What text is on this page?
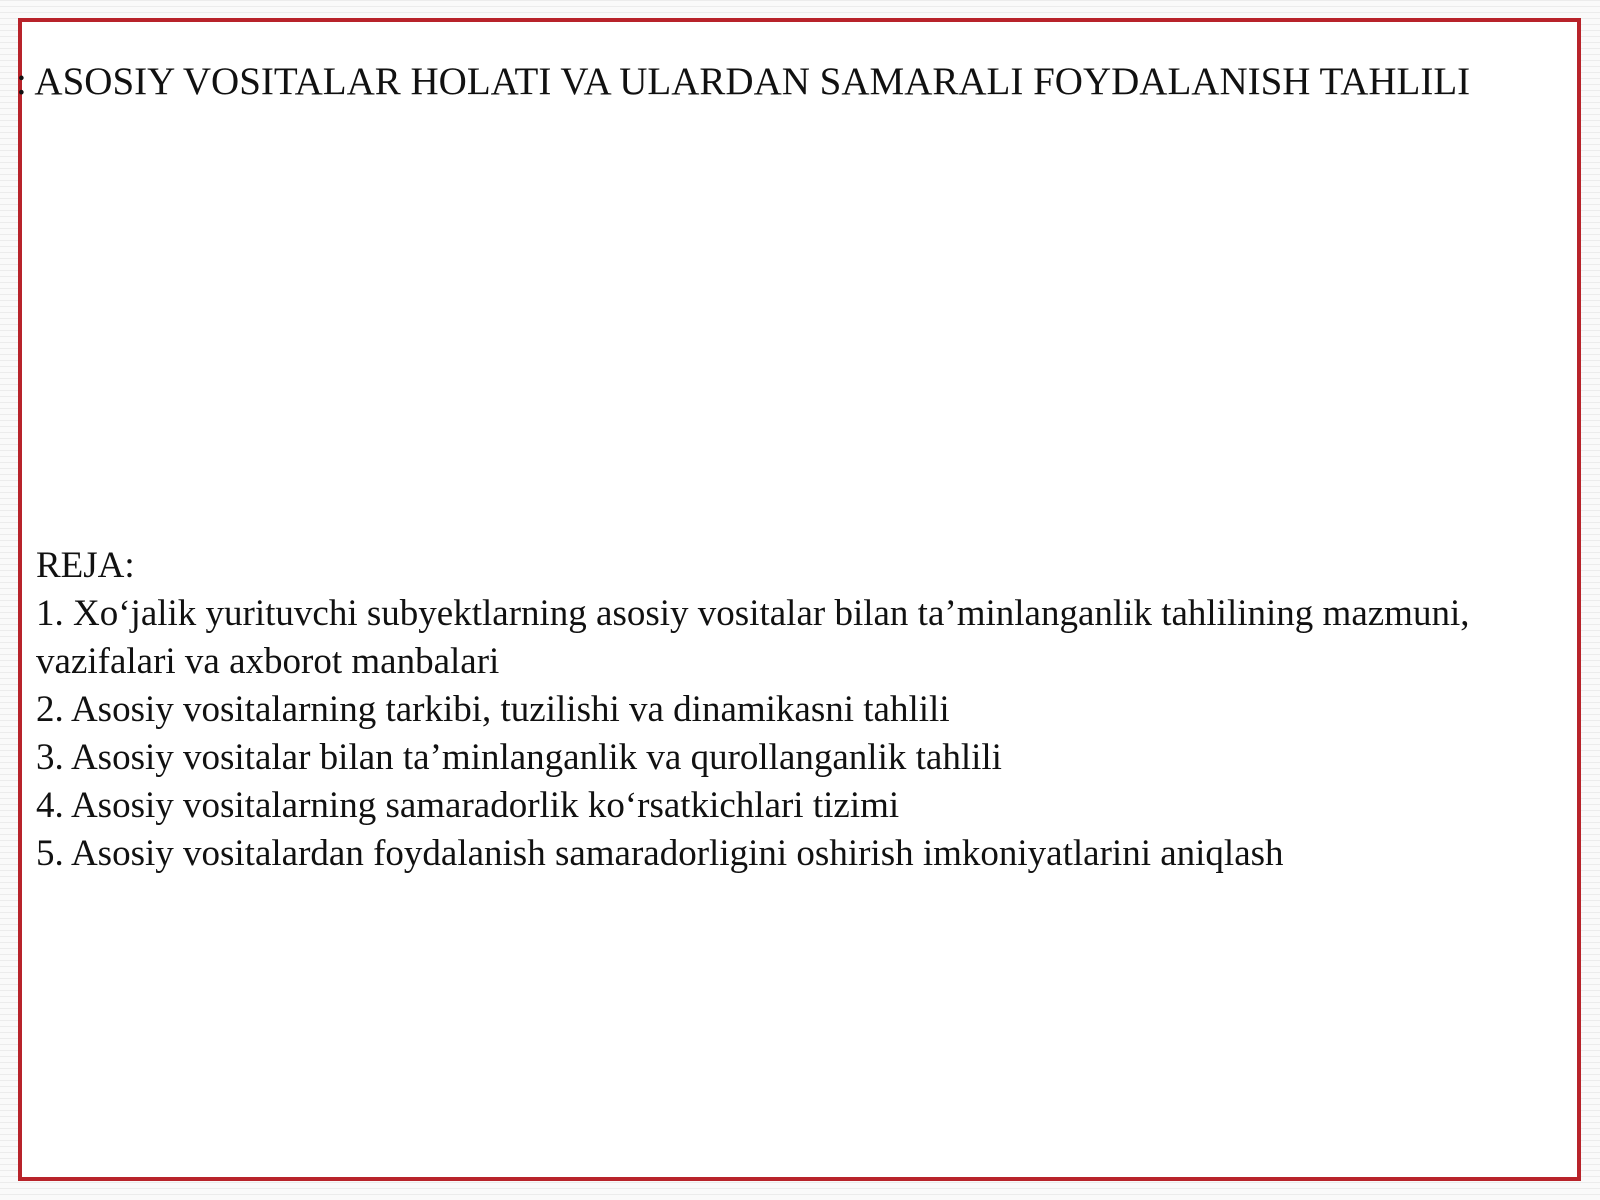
: ASOSIY VOSITALAR HOLATI VA ULARDAN SAMARALI FOYDALANISH TAHLILI

REJA:

1. Xo‘jalik yurituvchi subyektlarning asosiy vositalar bilan ta’minlanganlik tahlilining mazmuni, vazifalari va axborot manbalari
2. Asosiy vositalarning tarkibi, tuzilishi va dinamikasni tahlili
3. Asosiy vositalar bilan ta’minlanganlik va qurollanganlik tahlili
4. Asosiy vositalarning samaradorlik ko‘rsatkichlari tizimi
5. Asosiy vositalardan foydalanish samaradorligini oshirish imkoniyatlarini aniqlash
